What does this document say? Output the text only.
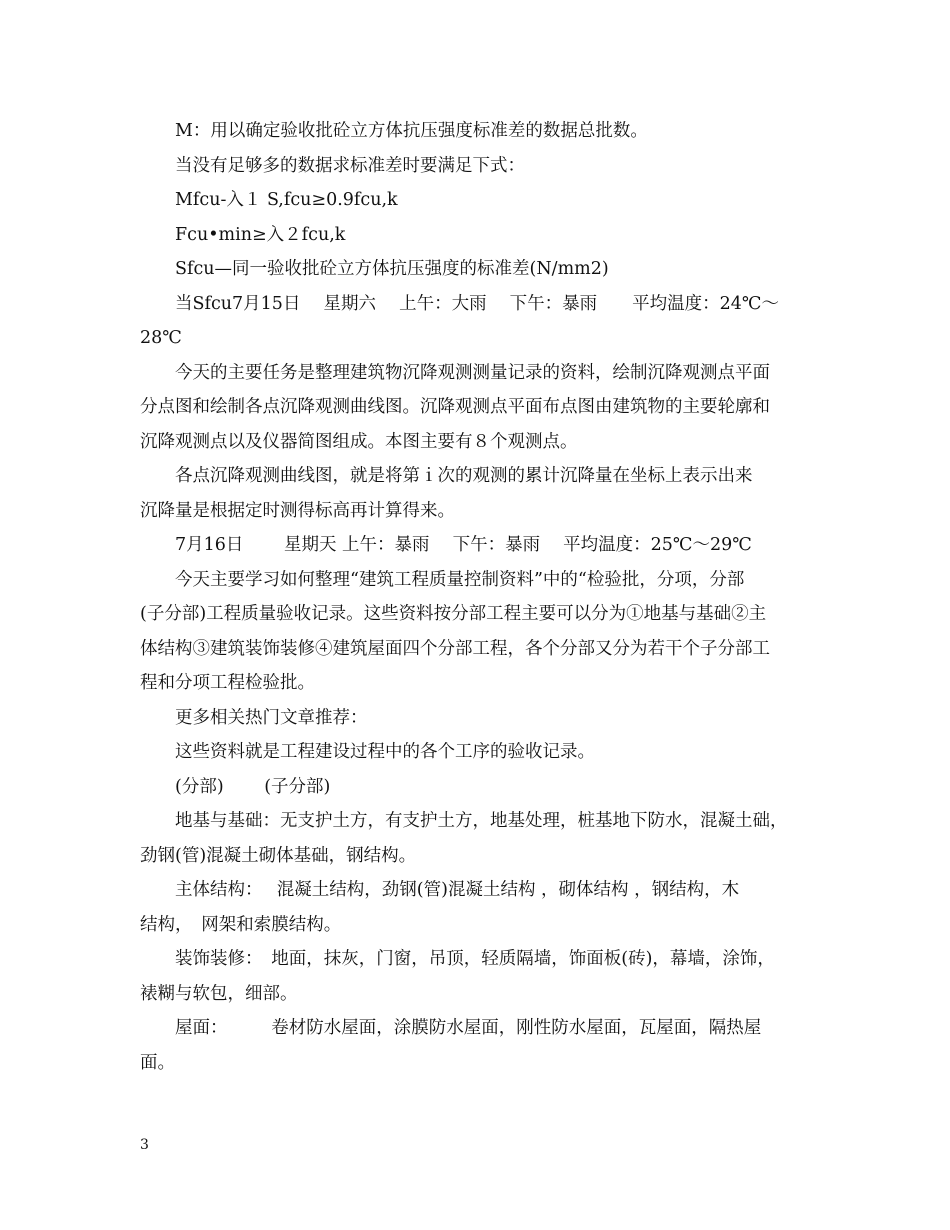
M：用以确定验收批砼立方体抗压强度标准差的数据总批数。

当没有足够多的数据求标准差时要满足下式：

Mfcu-入１ S,fcu≥0.9fcu,k

Fcu•min≥入２fcu,k

Sfcu—同一验收批砼立方体抗压强度的标准差(N/mm2)

当Sfcu7月15日　 星期六　 上午：大雨　 下午：暴雨　　平均温度：24℃～

28℃

今天的主要任务是整理建筑物沉降观测测量记录的资料，绘制沉降观测点平面

分点图和绘制各点沉降观测曲线图。沉降观测点平面布点图由建筑物的主要轮廓和

沉降观测点以及仪器简图组成。本图主要有８个观测点。

各点沉降观测曲线图，就是将第ｉ次的观测的累计沉降量在坐标上表示出来

沉降量是根据定时测得标高再计算得来。

7月16日　　 星期天 上午：暴雨　 下午：暴雨　 平均温度：25℃～29℃

今天主要学习如何整理“建筑工程质量控制资料”中的“检验批，分项，分部

(子分部)工程质量验收记录。这些资料按分部工程主要可以分为①地基与基础②主

体结构③建筑装饰装修④建筑屋面四个分部工程，各个分部又分为若干个子分部工

程和分项工程检验批。

更多相关热门文章推荐：

这些资料就是工程建设过程中的各个工序的验收记录。

(分部)　　 (子分部)

地基与基础：无支护土方，有支护土方，地基处理，桩基地下防水，混凝土础，

劲钢(管)混凝土砌体基础，钢结构。

主体结构：　 混凝土结构，劲钢(管)混凝土结构 ，砌体结构 ，钢结构，木

结构，　网架和索膜结构。

装饰装修：　地面，抹灰，门窗，吊顶，轻质隔墙，饰面板(砖)，幕墙，涂饰，

裱糊与软包，细部。

屋面：　　　卷材防水屋面，涂膜防水屋面，刚性防水屋面，瓦屋面，隔热屋

面。

3
